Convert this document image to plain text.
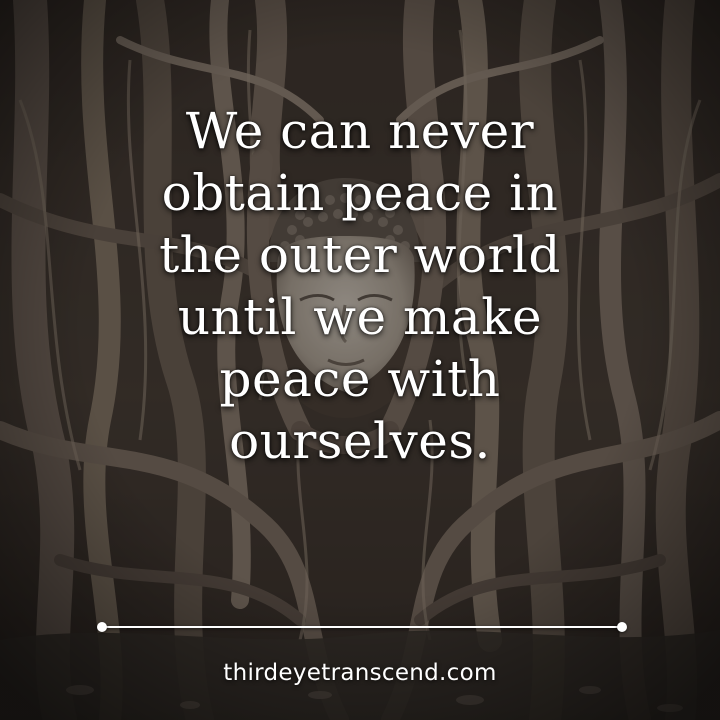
We can never
obtain peace in
the outer world
until we make
peace with
ourselves.
thirdeyetranscend.com
